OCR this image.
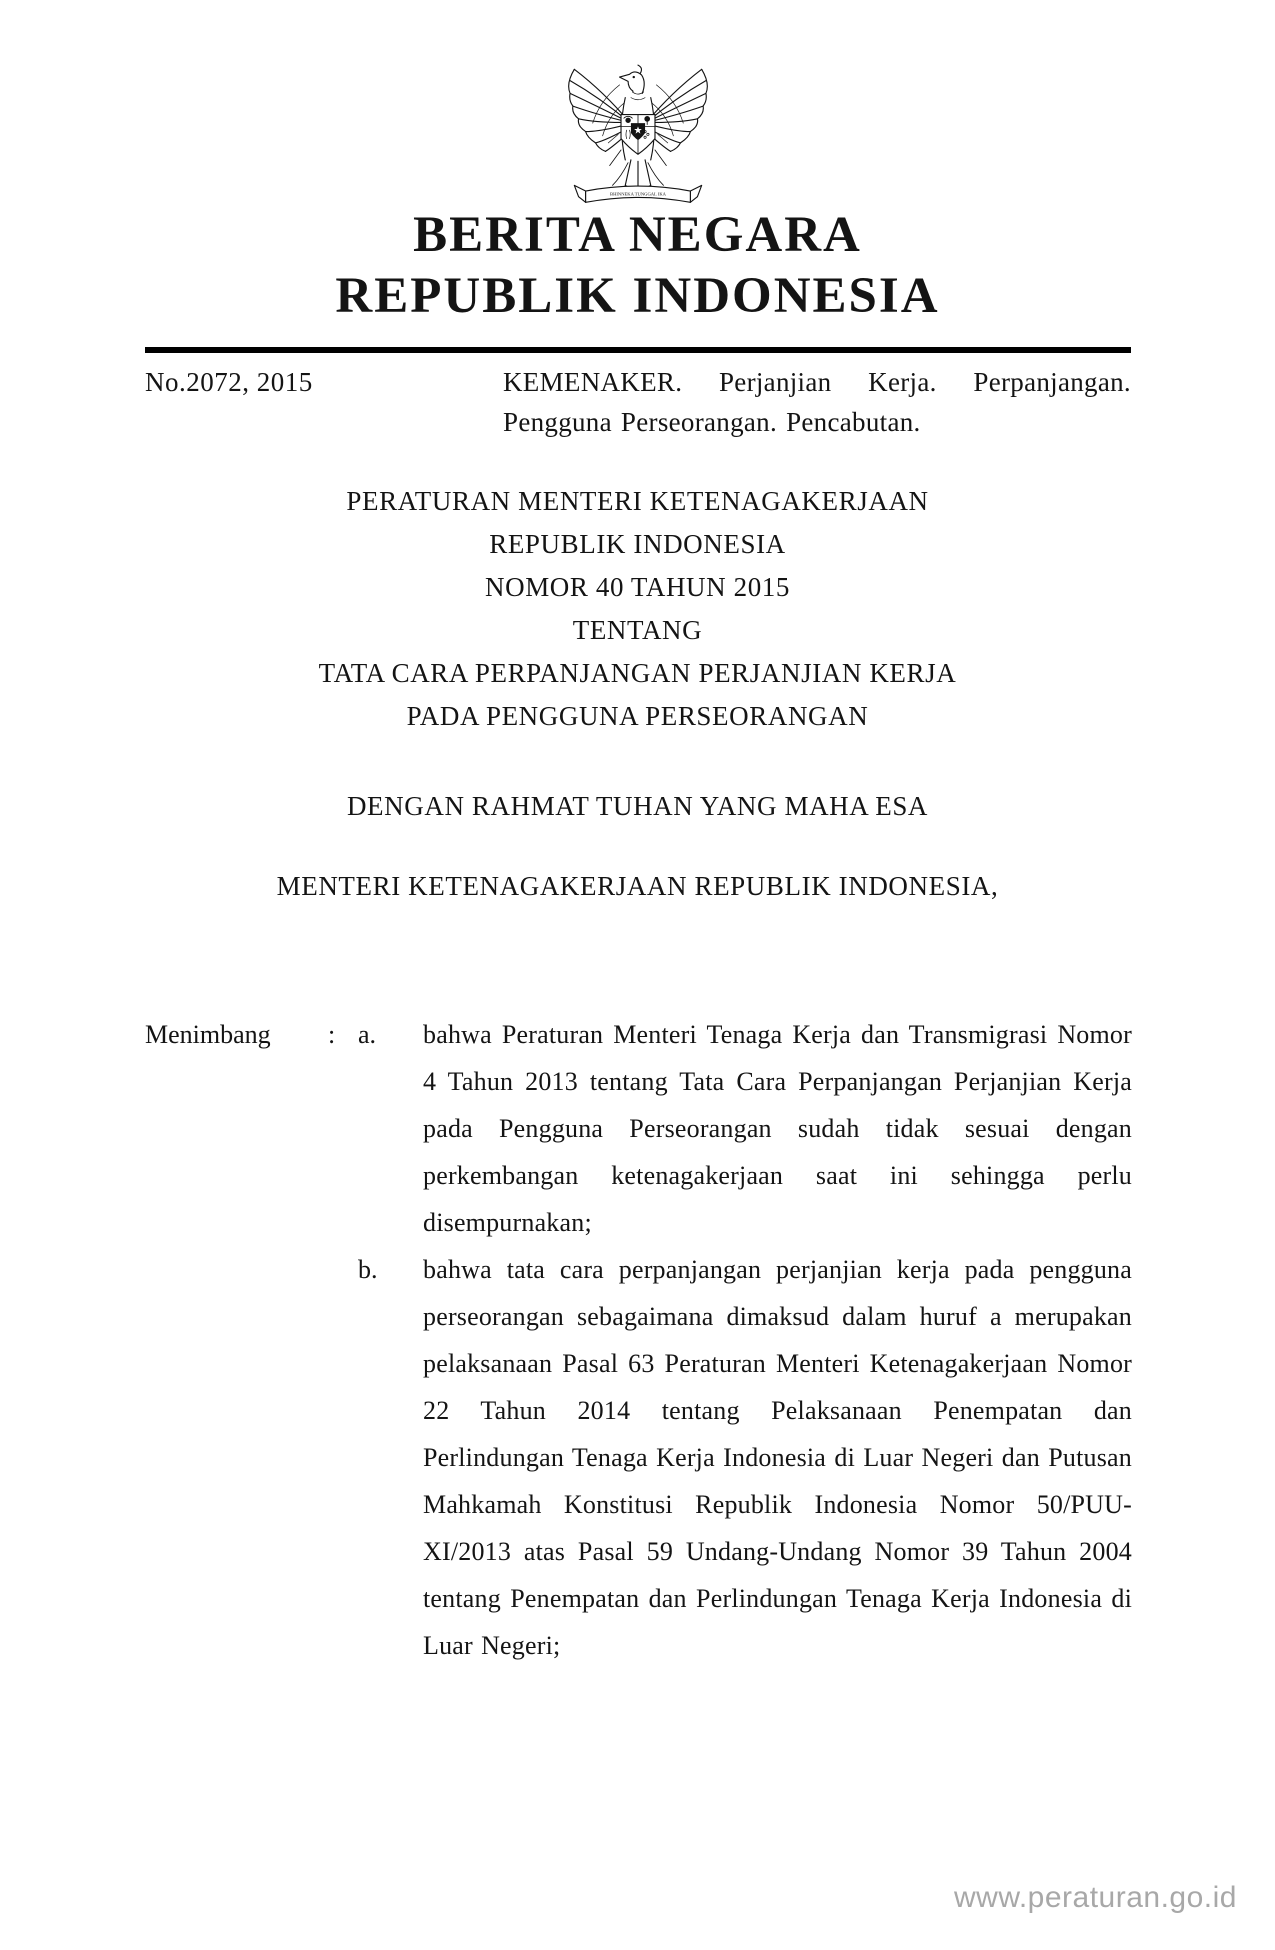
BHINNEKA TUNGGAL IKA
BERITA NEGARA
REPUBLIK INDONESIA
No.2072, 2015	KEMENAKER. Perjanjian Kerja. Perpanjangan. Pengguna Perseorangan. Pencabutan.
PERATURAN MENTERI KETENAGAKERJAAN
REPUBLIK INDONESIA
NOMOR 40 TAHUN 2015
TENTANG
TATA CARA PERPANJANGAN PERJANJIAN KERJA
PADA PENGGUNA PERSEORANGAN
DENGAN RAHMAT TUHAN YANG MAHA ESA
MENTERI KETENAGAKERJAAN REPUBLIK INDONESIA,
Menimbang	: a.	bahwa Peraturan Menteri Tenaga Kerja dan Transmigrasi Nomor 4 Tahun 2013 tentang Tata Cara Perpanjangan Perjanjian Kerja pada Pengguna Perseorangan sudah tidak sesuai dengan perkembangan ketenagakerjaan saat ini sehingga perlu disempurnakan;
b.	bahwa tata cara perpanjangan perjanjian kerja pada pengguna perseorangan sebagaimana dimaksud dalam huruf a merupakan pelaksanaan Pasal 63 Peraturan Menteri Ketenagakerjaan Nomor 22 Tahun 2014 tentang Pelaksanaan Penempatan dan Perlindungan Tenaga Kerja Indonesia di Luar Negeri dan Putusan Mahkamah Konstitusi Republik Indonesia Nomor 50/PUU-XI/2013 atas Pasal 59 Undang-Undang Nomor 39 Tahun 2004 tentang Penempatan dan Perlindungan Tenaga Kerja Indonesia di Luar Negeri;
www.peraturan.go.id
